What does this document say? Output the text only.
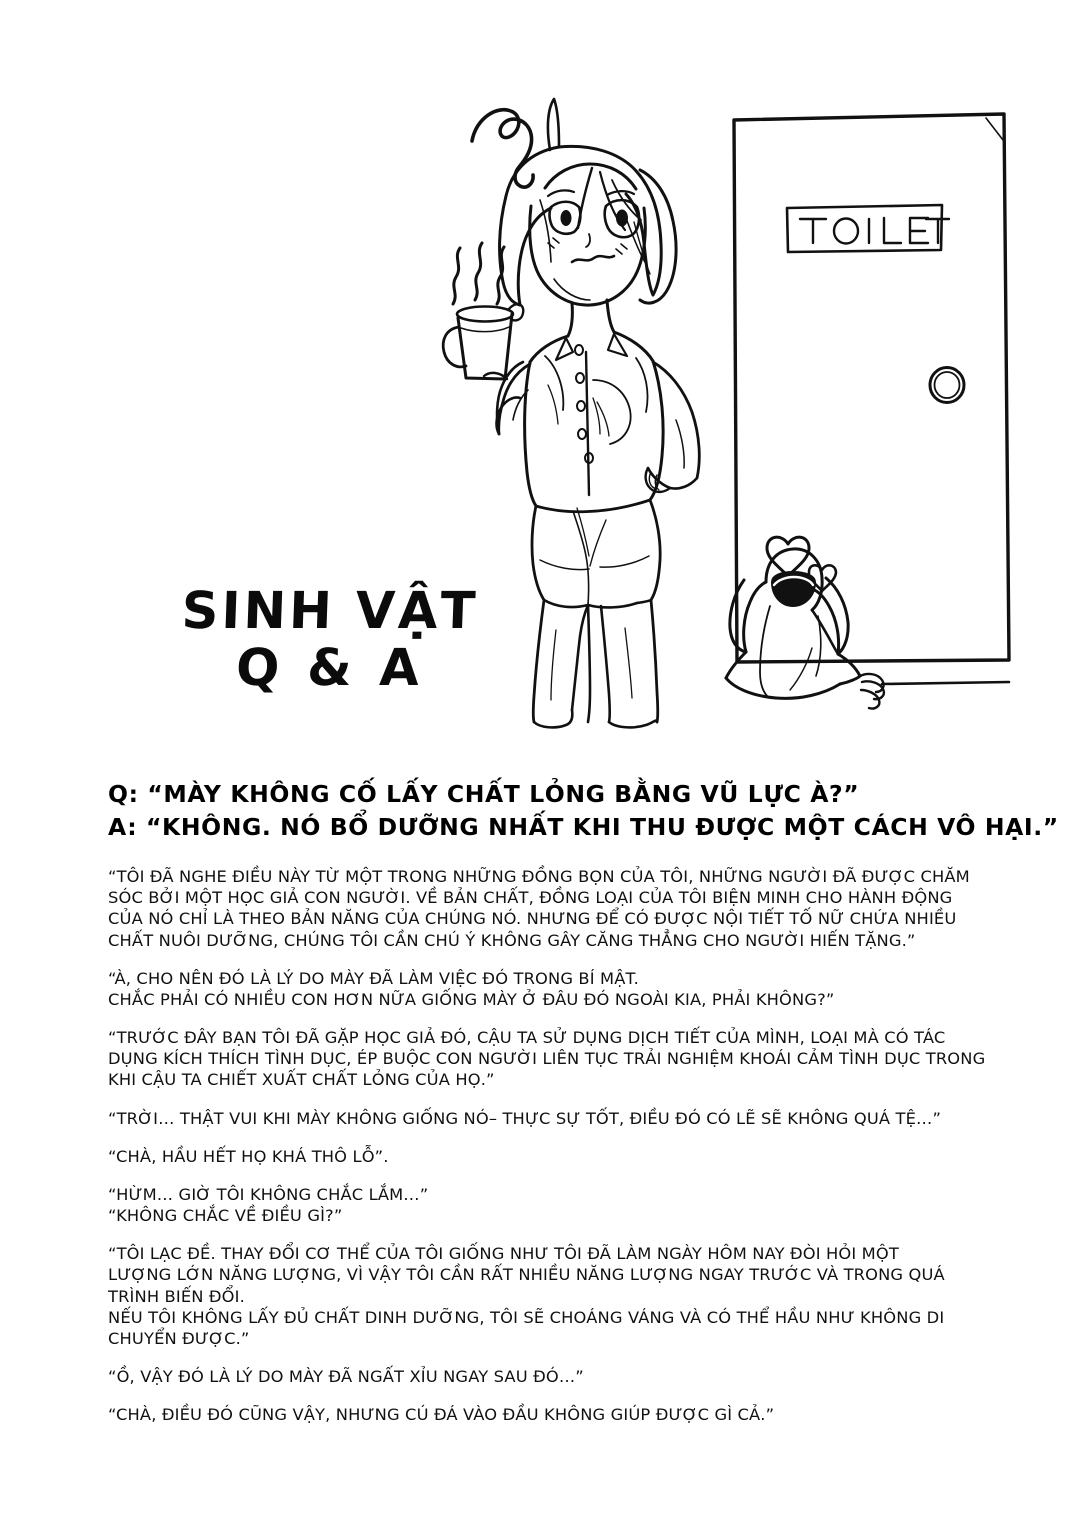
SINH VẬT
Q & A
Q: “MÀY KHÔNG CỐ LẤY CHẤT LỎNG BẰNG VŨ LỰC À?”
A: “KHÔNG. NÓ BỔ DƯỠNG NHẤT KHI THU ĐƯỢC MỘT CÁCH VÔ HẠI.”

“TÔI ĐÃ NGHE ĐIỀU NÀY TỪ MỘT TRONG NHỮNG ĐỒNG BỌN CỦA TÔI, NHỮNG NGƯỜI ĐÃ ĐƯỢC CHĂM
SÓC BỞI MỘT HỌC GIẢ CON NGƯỜI. VỀ BẢN CHẤT, ĐỒNG LOẠI CỦA TÔI BIỆN MINH CHO HÀNH ĐỘNG
CỦA NÓ CHỈ LÀ THEO BẢN NĂNG CỦA CHÚNG NÓ. NHƯNG ĐỂ CÓ ĐƯỢC NỘI TIẾT TỐ NỮ CHỨA NHIỀU
CHẤT NUÔI DƯỠNG, CHÚNG TÔI CẦN CHÚ Ý KHÔNG GÂY CĂNG THẲNG CHO NGƯỜI HIẾN TẶNG.”

“À, CHO NÊN ĐÓ LÀ LÝ DO MÀY ĐÃ LÀM VIỆC ĐÓ TRONG BÍ MẬT.
CHẮC PHẢI CÓ NHIỀU CON HƠN NỮA GIỐNG MÀY Ở ĐÂU ĐÓ NGOÀI KIA, PHẢI KHÔNG?”

“TRƯỚC ĐÂY BẠN TÔI ĐÃ GẶP HỌC GIẢ ĐÓ, CẬU TA SỬ DỤNG DỊCH TIẾT CỦA MÌNH, LOẠI MÀ CÓ TÁC
DỤNG KÍCH THÍCH TÌNH DỤC, ÉP BUỘC CON NGƯỜI LIÊN TỤC TRẢI NGHIỆM KHOÁI CẢM TÌNH DỤC TRONG
KHI CẬU TA CHIẾT XUẤT CHẤT LỎNG CỦA HỌ.”

“TRỜI… THẬT VUI KHI MÀY KHÔNG GIỐNG NÓ– THỰC SỰ TỐT, ĐIỀU ĐÓ CÓ LẼ SẼ KHÔNG QUÁ TỆ…”

“CHÀ, HẦU HẾT HỌ KHÁ THÔ LỖ”.

“HỪM… GIỜ TÔI KHÔNG CHẮC LẮM…”
“KHÔNG CHẮC VỀ ĐIỀU GÌ?”

“TÔI LẠC ĐỀ. THAY ĐỔI CƠ THỂ CỦA TÔI GIỐNG NHƯ TÔI ĐÃ LÀM NGÀY HÔM NAY ĐÒI HỎI MỘT
LƯỢNG LỚN NĂNG LƯỢNG, VÌ VẬY TÔI CẦN RẤT NHIỀU NĂNG LƯỢNG NGAY TRƯỚC VÀ TRONG QUÁ
TRÌNH BIẾN ĐỔI.
NẾU TÔI KHÔNG LẤY ĐỦ CHẤT DINH DƯỠNG, TÔI SẼ CHOÁNG VÁNG VÀ CÓ THỂ HẦU NHƯ KHÔNG DI
CHUYỂN ĐƯỢC.”

“Ồ, VẬY ĐÓ LÀ LÝ DO MÀY ĐÃ NGẤT XỈU NGAY SAU ĐÓ…”

“CHÀ, ĐIỀU ĐÓ CŨNG VẬY, NHƯNG CÚ ĐÁ VÀO ĐẦU KHÔNG GIÚP ĐƯỢC GÌ CẢ.”
